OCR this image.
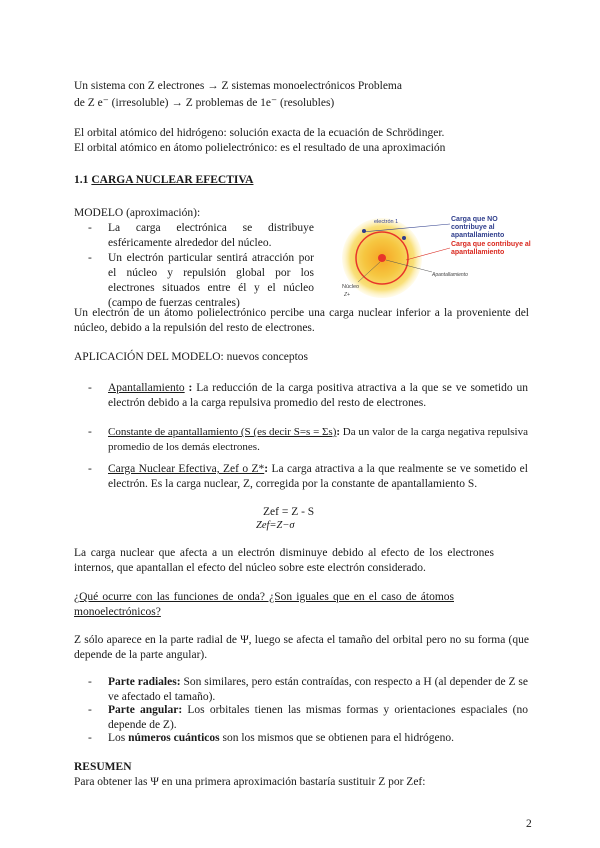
Un sistema con Z electrones → Z sistemas monoelectrónicos Problema
de Z e⁻ (irresoluble) → Z problemas de 1e⁻ (resolubles)
El orbital atómico del hidrógeno: solución exacta de la ecuación de Schrödinger.
El orbital atómico en átomo polielectrónico: es el resultado de una aproximación
1.1 CARGA NUCLEAR EFECTIVA
MODELO (aproximación):
- La carga electrónica se distribuye esféricamente alrededor del núcleo.
- Un electrón particular sentirá atracción por el núcleo y repulsión global por los electrones situados entre él y el núcleo (campo de fuerzas centrales)
electrón 1
Apantallamiento
Núcleo
Z+
Carga que NO contribuye al apantallamiento
Carga que contribuye al apantallamiento
Un electrón de un átomo polielectrónico percibe una carga nuclear inferior a la proveniente del núcleo, debido a la repulsión del resto de electrones.
APLICACIÓN DEL MODELO: nuevos conceptos
- Apantallamiento : La reducción de la carga positiva atractiva a la que se ve sometido un electrón debido a la carga repulsiva promedio del resto de electrones.
- Constante de apantallamiento (S (es decir S=s = Σs): Da un valor de la carga negativa repulsiva promedio de los demás electrones.
- Carga Nuclear Efectiva, Zef o Z*: La carga atractiva a la que realmente se ve sometido el electrón. Es la carga nuclear, Z, corregida por la constante de apantallamiento S.
Zef = Z - S
Zef=Z−σ
La carga nuclear que afecta a un electrón disminuye debido al efecto de los electrones internos, que apantallan el efecto del núcleo sobre este electrón considerado.
¿Qué ocurre con las funciones de onda? ¿Son iguales que en el caso de átomos monoelectrónicos?
Z sólo aparece en la parte radial de Ψ, luego se afecta el tamaño del orbital pero no su forma (que depende de la parte angular).
- Parte radiales: Son similares, pero están contraídas, con respecto a H (al depender de Z se ve afectado el tamaño).
- Parte angular: Los orbitales tienen las mismas formas y orientaciones espaciales (no depende de Z).
- Los números cuánticos son los mismos que se obtienen para el hidrógeno.
RESUMEN
Para obtener las Ψ en una primera aproximación bastaría sustituir Z por Zef:
2
